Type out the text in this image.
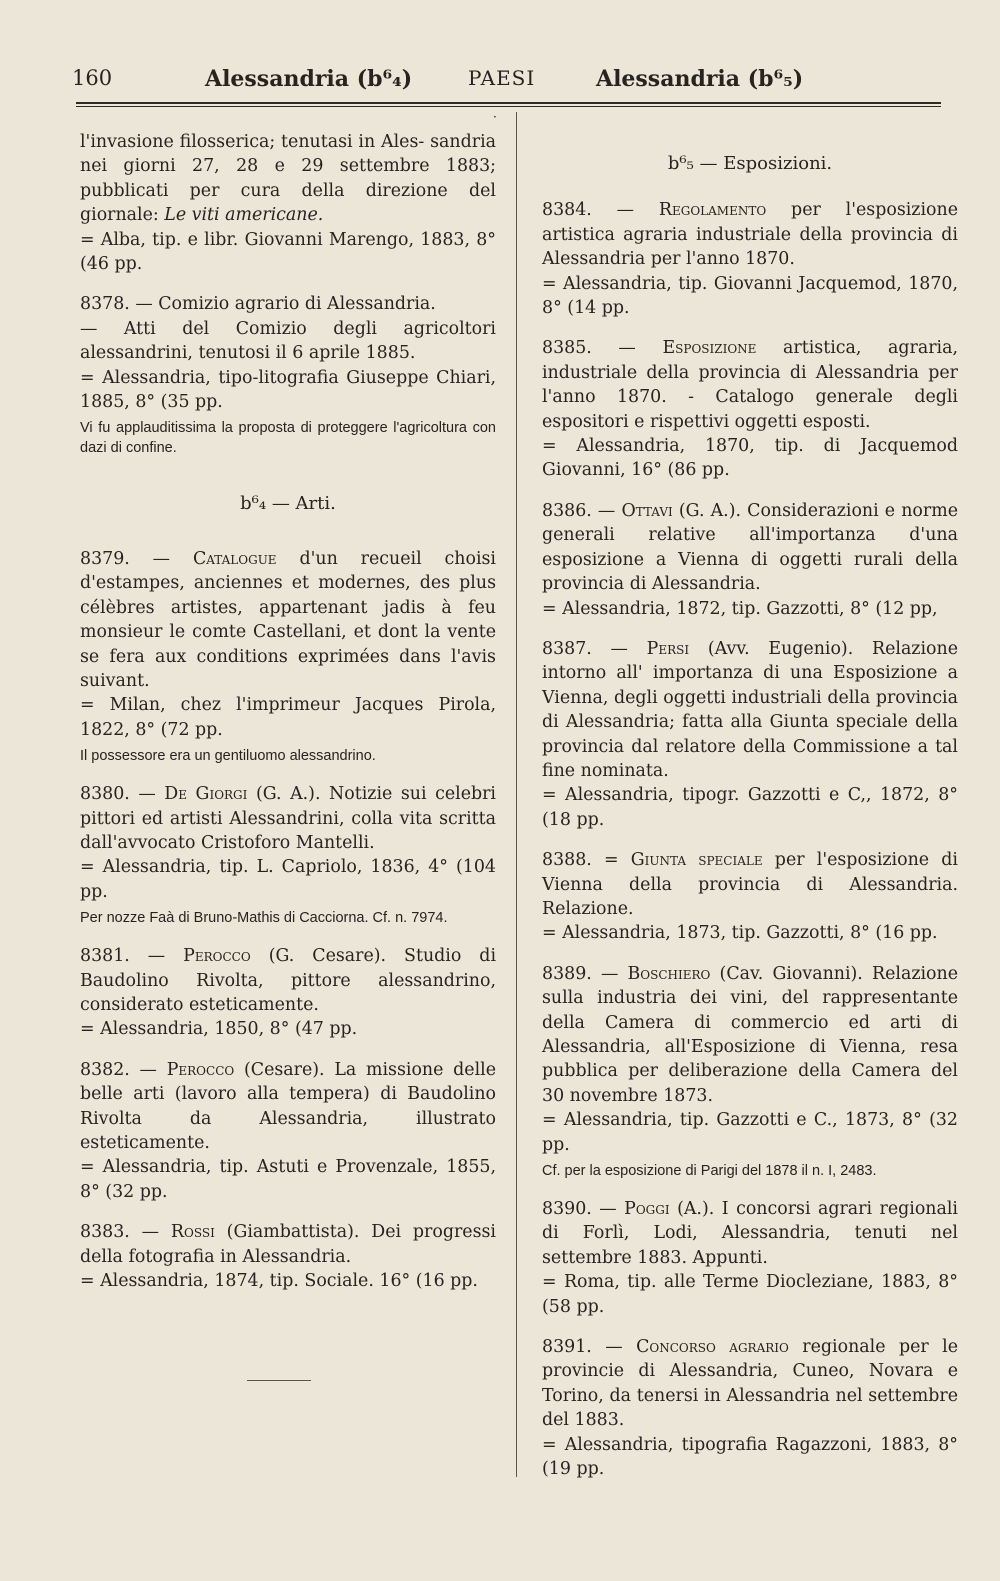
160	Alessandria (b⁶₄)	PAESI	Alessandria (b⁶₅)
·

l'invasione filosserica; tenutasi in Ales- sandria nei giorni 27, 28 e 29 settembre 1883; pubblicati per cura della direzione del giornale: Le viti americane.

= Alba, tip. e libr. Giovanni Marengo, 1883, 8° (46 pp.

8378. — Comizio agrario di Alessandria.

— Atti del Comizio degli agricoltori alessandrini, tenutosi il 6 aprile 1885.

= Alessandria, tipo-litografia Giuseppe Chiari, 1885, 8° (35 pp.

Vi fu applauditissima la proposta di proteggere l'agricoltura con dazi di confine.

b⁶₄ — Arti.

8379. — Catalogue d'un recueil choisi d'estampes, anciennes et modernes, des plus célèbres artistes, appartenant jadis à feu monsieur le comte Castellani, et dont la vente se fera aux conditions exprimées dans l'avis suivant.

= Milan, chez l'imprimeur Jacques Pirola, 1822, 8° (72 pp.

Il possessore era un gentiluomo alessandrino.

8380. — De Giorgi (G. A.). Notizie sui celebri pittori ed artisti Alessandrini, colla vita scritta dall'avvocato Cristoforo Mantelli.

= Alessandria, tip. L. Capriolo, 1836, 4° (104 pp.

Per nozze Faà di Bruno-Mathis di Cacciorna. Cf. n. 7974.

8381. — Perocco (G. Cesare). Studio di Baudolino Rivolta, pittore alessandrino, considerato esteticamente.

= Alessandria, 1850, 8° (47 pp.

8382. — Perocco (Cesare). La missione delle belle arti (lavoro alla tempera) di Baudolino Rivolta da Alessandria, illustrato esteticamente.

= Alessandria, tip. Astuti e Provenzale, 1855, 8° (32 pp.

8383. — Rossi (Giambattista). Dei progressi della fotografia in Alessandria.

= Alessandria, 1874, tip. Sociale. 16° (16 pp.

b⁶₅ — Esposizioni.

8384. — Regolamento per l'esposizione artistica agraria industriale della provincia di Alessandria per l'anno 1870.

= Alessandria, tip. Giovanni Jacquemod, 1870, 8° (14 pp.

8385. — Esposizione artistica, agraria, industriale della provincia di Alessandria per l'anno 1870. - Catalogo generale degli espositori e rispettivi oggetti esposti.

= Alessandria, 1870, tip. di Jacquemod Giovanni, 16° (86 pp.

8386. — Ottavi (G. A.). Considerazioni e norme generali relative all'importanza d'una esposizione a Vienna di oggetti rurali della provincia di Alessandria.

= Alessandria, 1872, tip. Gazzotti, 8° (12 pp,

8387. — Persi (Avv. Eugenio). Relazione intorno all' importanza di una Esposizione a Vienna, degli oggetti industriali della provincia di Alessandria; fatta alla Giunta speciale della provincia dal relatore della Commissione a tal fine nominata.

= Alessandria, tipogr. Gazzotti e C,, 1872, 8° (18 pp.

8388. = Giunta speciale per l'esposizione di Vienna della provincia di Alessandria. Relazione.

= Alessandria, 1873, tip. Gazzotti, 8° (16 pp.

8389. — Boschiero (Cav. Giovanni). Relazione sulla industria dei vini, del rappresentante della Camera di commercio ed arti di Alessandria, all'Esposizione di Vienna, resa pubblica per deliberazione della Camera del 30 novembre 1873.

= Alessandria, tip. Gazzotti e C., 1873, 8° (32 pp.

Cf. per la esposizione di Parigi del 1878 il n. I, 2483.

8390. — Poggi (A.). I concorsi agrari regionali di Forlì, Lodi, Alessandria, tenuti nel settembre 1883. Appunti.

= Roma, tip. alle Terme Dioclezianе, 1883, 8° (58 pp.

8391. — Concorso agrario regionale per le provincie di Alessandria, Cuneo, Novara e Torino, da tenersi in Alessandria nel settembre del 1883.

= Alessandria, tipografia Ragazzoni, 1883, 8° (19 pp.
